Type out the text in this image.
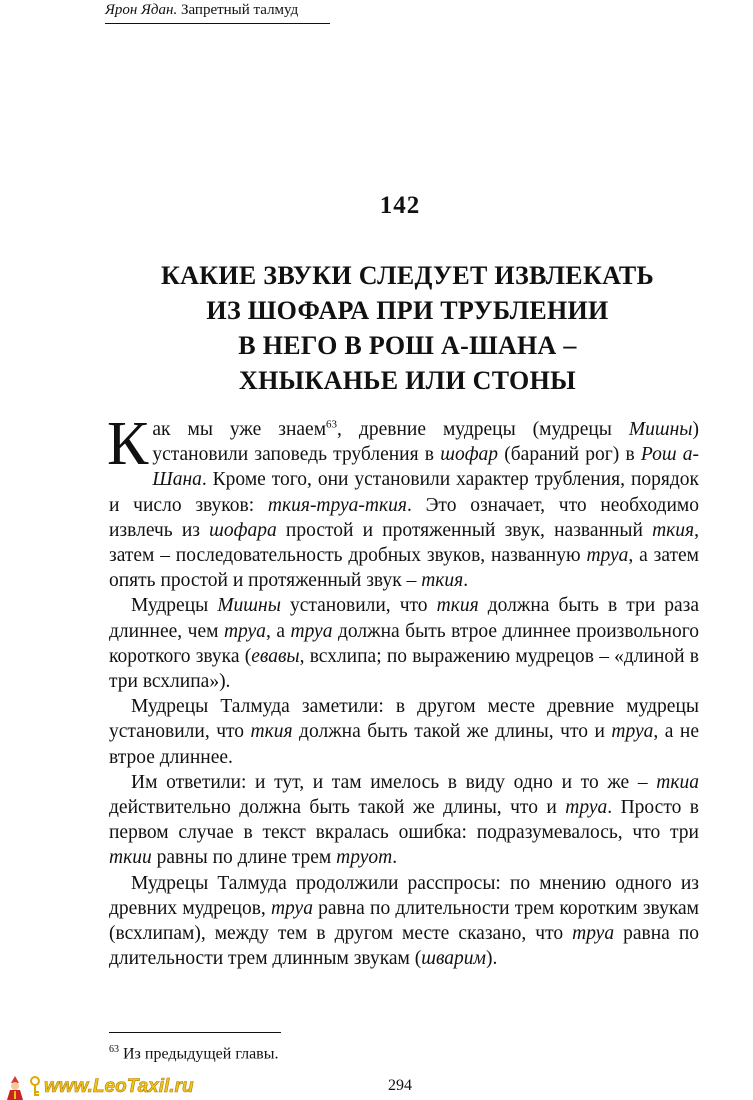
Ярон Ядан. Запретный талмуд
142
КАКИЕ ЗВУКИ СЛЕДУЕТ ИЗВЛЕКАТЬ
ИЗ ШОФАРА ПРИ ТРУБЛЕНИИ
В НЕГО В РОШ А-ШАНА –
ХНЫКАНЬЕ ИЛИ СТОНЫ

Как мы уже знаем$^{63}$, древние мудрецы (мудрецы Мишны) установили заповедь трубления в шофар (бараний рог) в Рош а-Шана. Кроме того, они установили характер трубления, порядок и число звуков: ткия-труа-ткия. Это означает, что необходимо извлечь из шофара простой и протяженный звук, названный ткия, затем – последовательность дробных звуков, названную труа, а затем опять простой и протяженный звук – ткия.

Мудрецы Мишны установили, что ткия должна быть в три раза длиннее, чем труа, а труа должна быть втрое длиннее произвольного короткого звука (евавы, всхлипа; по выражению мудрецов – «длиной в три всхлипа»).

Мудрецы Талмуда заметили: в другом месте древние мудрецы установили, что ткия должна быть такой же длины, что и труа, а не втрое длиннее.

Им ответили: и тут, и там имелось в виду одно и то же – ткиа действительно должна быть такой же длины, что и труа. Просто в первом случае в текст вкралась ошибка: подразумевалось, что три ткии равны по длине трем труот.

Мудрецы Талмуда продолжили расспросы: по мнению одного из древних мудрецов, труа равна по длительности трем коротким звукам (всхлипам), между тем в другом месте сказано, что труа равна по длительности трем длинным звукам (шварим).

$^{63}$ Из предыдущей главы.
294
www.LeoTaxil.ru
